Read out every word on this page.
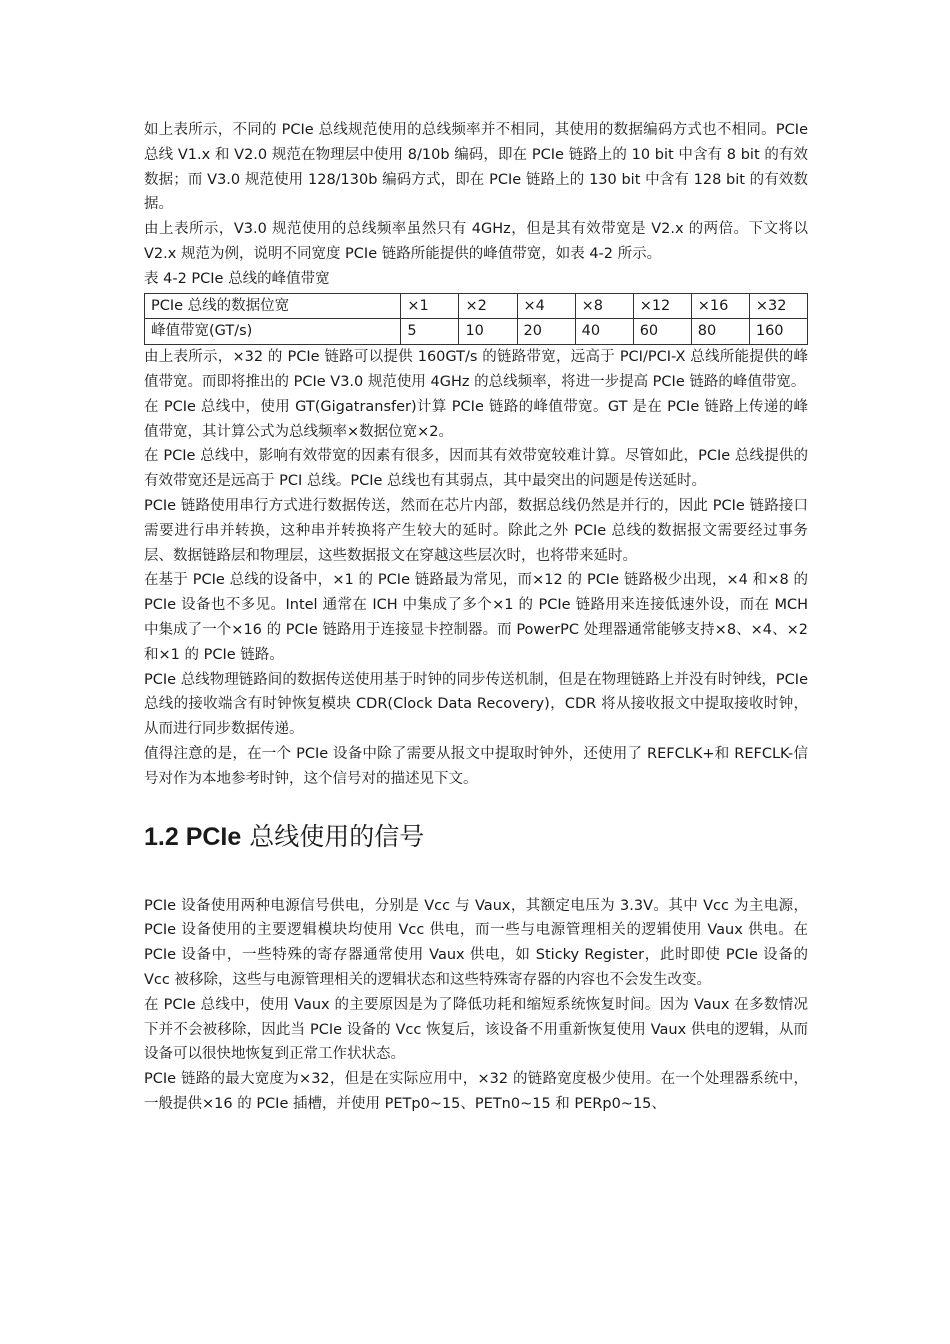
如上表所示，不同的 PCIe 总线规范使用的总线频率并不相同，其使用的数据编码方式也不相同。PCIe 总线 V1.x 和 V2.0 规范在物理层中使用 8/10b 编码，即在 PCIe 链路上的 10 bit 中含有 8 bit 的有效数据；而 V3.0 规范使用 128/130b 编码方式，即在 PCIe 链路上的 130 bit 中含有 128 bit 的有效数据。

由上表所示，V3.0 规范使用的总线频率虽然只有 4GHz，但是其有效带宽是 V2.x 的两倍。下文将以 V2.x 规范为例，说明不同宽度 PCIe 链路所能提供的峰值带宽，如表 4-2 所示。

表 4-2 PCIe 总线的峰值带宽

PCIe 总线的数据位宽	×1	×2	×4	×8	×12	×16	×32
峰值带宽(GT/s)	5	10	20	40	60	80	160

由上表所示，×32 的 PCIe 链路可以提供 160GT/s 的链路带宽，远高于 PCI/PCI-X 总线所能提供的峰值带宽。而即将推出的 PCIe V3.0 规范使用 4GHz 的总线频率，将进一步提高 PCIe 链路的峰值带宽。

在 PCIe 总线中，使用 GT(Gigatransfer)计算 PCIe 链路的峰值带宽。GT 是在 PCIe 链路上传递的峰值带宽，其计算公式为总线频率×数据位宽×2。

在 PCIe 总线中，影响有效带宽的因素有很多，因而其有效带宽较难计算。尽管如此，PCIe 总线提供的有效带宽还是远高于 PCI 总线。PCIe 总线也有其弱点，其中最突出的问题是传送延时。

PCIe 链路使用串行方式进行数据传送，然而在芯片内部，数据总线仍然是并行的，因此 PCIe 链路接口需要进行串并转换，这种串并转换将产生较大的延时。除此之外 PCIe 总线的数据报文需要经过事务层、数据链路层和物理层，这些数据报文在穿越这些层次时，也将带来延时。

在基于 PCIe 总线的设备中，×1 的 PCIe 链路最为常见，而×12 的 PCIe 链路极少出现，×4 和×8 的 PCIe 设备也不多见。Intel 通常在 ICH 中集成了多个×1 的 PCIe 链路用来连接低速外设，而在 MCH 中集成了一个×16 的 PCIe 链路用于连接显卡控制器。而 PowerPC 处理器通常能够支持×8、×4、×2 和×1 的 PCIe 链路。

PCIe 总线物理链路间的数据传送使用基于时钟的同步传送机制，但是在物理链路上并没有时钟线，PCIe 总线的接收端含有时钟恢复模块 CDR(Clock Data Recovery)，CDR 将从接收报文中提取接收时钟，从而进行同步数据传递。

值得注意的是，在一个 PCIe 设备中除了需要从报文中提取时钟外，还使用了 REFCLK+和 REFCLK-信号对作为本地参考时钟，这个信号对的描述见下文。

1.2 PCIe 总线使用的信号

PCIe 设备使用两种电源信号供电，分别是 Vcc 与 Vaux，其额定电压为 3.3V。其中 Vcc 为主电源，PCIe 设备使用的主要逻辑模块均使用 Vcc 供电，而一些与电源管理相关的逻辑使用 Vaux 供电。在 PCIe 设备中，一些特殊的寄存器通常使用 Vaux 供电，如 Sticky Register，此时即使 PCIe 设备的 Vcc 被移除，这些与电源管理相关的逻辑状态和这些特殊寄存器的内容也不会发生改变。

在 PCIe 总线中，使用 Vaux 的主要原因是为了降低功耗和缩短系统恢复时间。因为 Vaux 在多数情况下并不会被移除，因此当 PCIe 设备的 Vcc 恢复后，该设备不用重新恢复使用 Vaux 供电的逻辑，从而设备可以很快地恢复到正常工作状状态。

PCIe 链路的最大宽度为×32，但是在实际应用中，×32 的链路宽度极少使用。在一个处理器系统中，一般提供×16 的 PCIe 插槽，并使用 PETp0~15、PETn0~15 和 PERp0~15、
